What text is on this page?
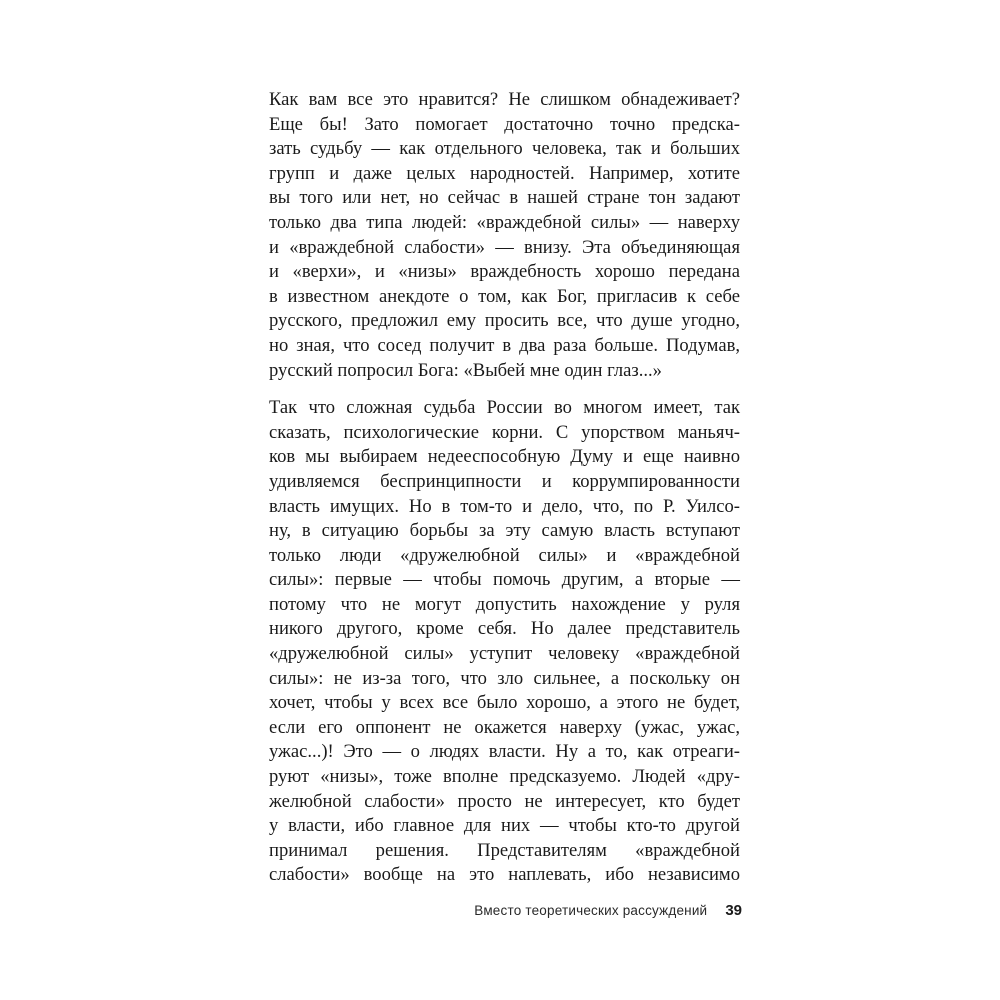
Как вам все это нравится? Не слишком обнадеживает?
Еще бы! Зато помогает достаточно точно предска-
зать судьбу — как отдельного человека, так и больших
групп и даже целых народностей. Например, хотите
вы того или нет, но сейчас в нашей стране тон задают
только два типа людей: «враждебной силы» — наверху
и «враждебной слабости» — внизу. Эта объединяющая
и «верхи», и «низы» враждебность хорошо передана
в известном анекдоте о том, как Бог, пригласив к себе
русского, предложил ему просить все, что душе угодно,
но зная, что сосед получит в два раза больше. Подумав,
русский попросил Бога: «Выбей мне один глаз...»

Так что сложная судьба России во многом имеет, так
сказать, психологические корни. С упорством маньяч-
ков мы выбираем недееспособную Думу и еще наивно
удивляемся беспринципности и коррумпированности
власть имущих. Но в том-то и дело, что, по Р. Уилсо-
ну, в ситуацию борьбы за эту самую власть вступают
только люди «дружелюбной силы» и «враждебной
силы»: первые — чтобы помочь другим, а вторые —
потому что не могут допустить нахождение у руля
никого другого, кроме себя. Но далее представитель
«дружелюбной силы» уступит человеку «враждебной
силы»: не из-за того, что зло сильнее, а поскольку он
хочет, чтобы у всех все было хорошо, а этого не будет,
если его оппонент не окажется наверху (ужас, ужас,
ужас...)! Это — о людях власти. Ну а то, как отреаги-
руют «низы», тоже вполне предсказуемо. Людей «дру-
желюбной слабости» просто не интересует, кто будет
у власти, ибо главное для них — чтобы кто-то другой
принимал решения. Представителям «враждебной
слабости» вообще на это наплевать, ибо независимо

Вместо теоретических рассуждений 39
